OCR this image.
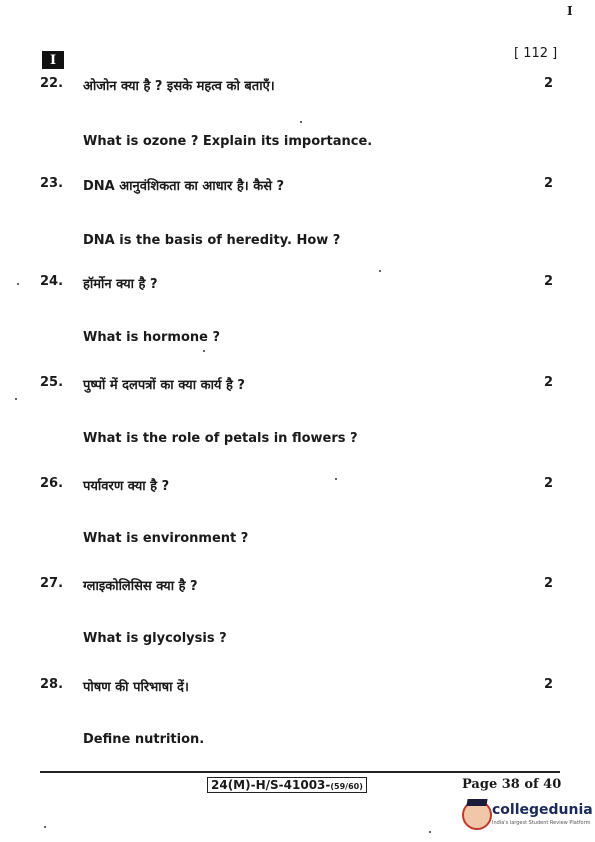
I
I	[ 112 ]
22. ओजोन क्या है ? इसके महत्व को बताएँ।	2
What is ozone ? Explain its importance.
23. DNA आनुवंशिकता का आधार है। कैसे ?	2
DNA is the basis of heredity. How ?
24. हॉर्मोन क्या है ?	2
What is hormone ?
25. पुष्पों में दलपत्रों का क्या कार्य है ?	2
What is the role of petals in flowers ?
26. पर्यावरण क्या है ?	2
What is environment ?
27. ग्लाइकोलिसिस क्या है ?	2
What is glycolysis ?
28. पोषण की परिभाषा दें।	2
Define nutrition.
24(M)-H/S-41003-(59/60)	Page 38 of 40
collegedunia
India's largest Student Review Platform
